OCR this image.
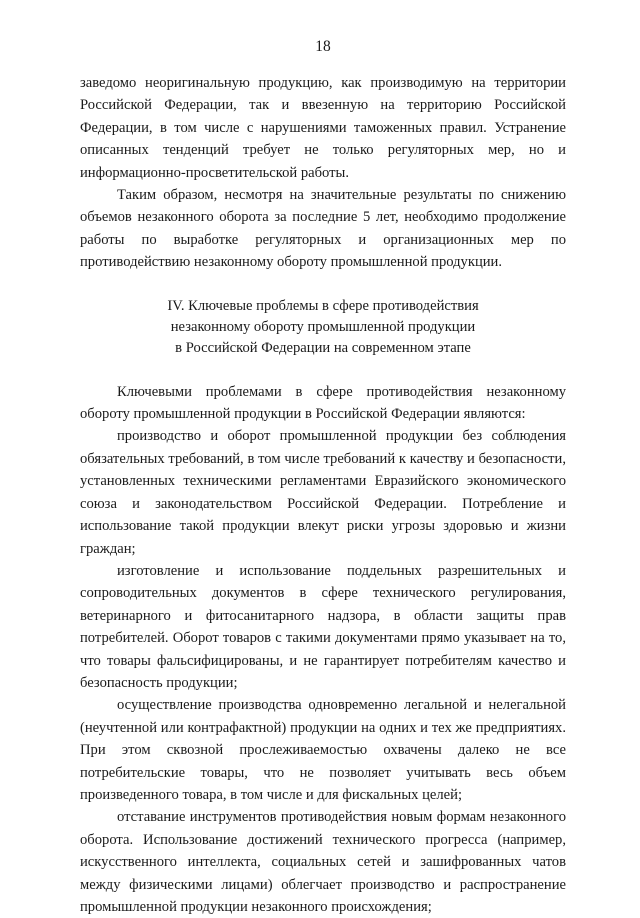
18

заведомо неоригинальную продукцию, как производимую на территории Российской Федерации, так и ввезенную на территорию Российской Федерации, в том числе с нарушениями таможенных правил. Устранение описанных тенденций требует не только регуляторных мер, но и информационно-просветительской работы.

Таким образом, несмотря на значительные результаты по снижению объемов незаконного оборота за последние 5 лет, необходимо продолжение работы по выработке регуляторных и организационных мер по противодействию незаконному обороту промышленной продукции.

IV. Ключевые проблемы в сфере противодействия
незаконному обороту промышленной продукции
в Российской Федерации на современном этапе

Ключевыми проблемами в сфере противодействия незаконному обороту промышленной продукции в Российской Федерации являются:

производство и оборот промышленной продукции без соблюдения обязательных требований, в том числе требований к качеству и безопасности, установленных техническими регламентами Евразийского экономического союза и законодательством Российской Федерации. Потребление и использование такой продукции влекут риски угрозы здоровью и жизни граждан;

изготовление и использование поддельных разрешительных и сопроводительных документов в сфере технического регулирования, ветеринарного и фитосанитарного надзора, в области защиты прав потребителей. Оборот товаров с такими документами прямо указывает на то, что товары фальсифицированы, и не гарантирует потребителям качество и безопасность продукции;

осуществление производства одновременно легальной и нелегальной (неучтенной или контрафактной) продукции на одних и тех же предприятиях. При этом сквозной прослеживаемостью охвачены далеко не все потребительские товары, что не позволяет учитывать весь объем произведенного товара, в том числе и для фискальных целей;

отставание инструментов противодействия новым формам незаконного оборота. Использование достижений технического прогресса (например, искусственного интеллекта, социальных сетей и зашифрованных чатов между физическими лицами) облегчает производство и распространение промышленной продукции незаконного происхождения;
